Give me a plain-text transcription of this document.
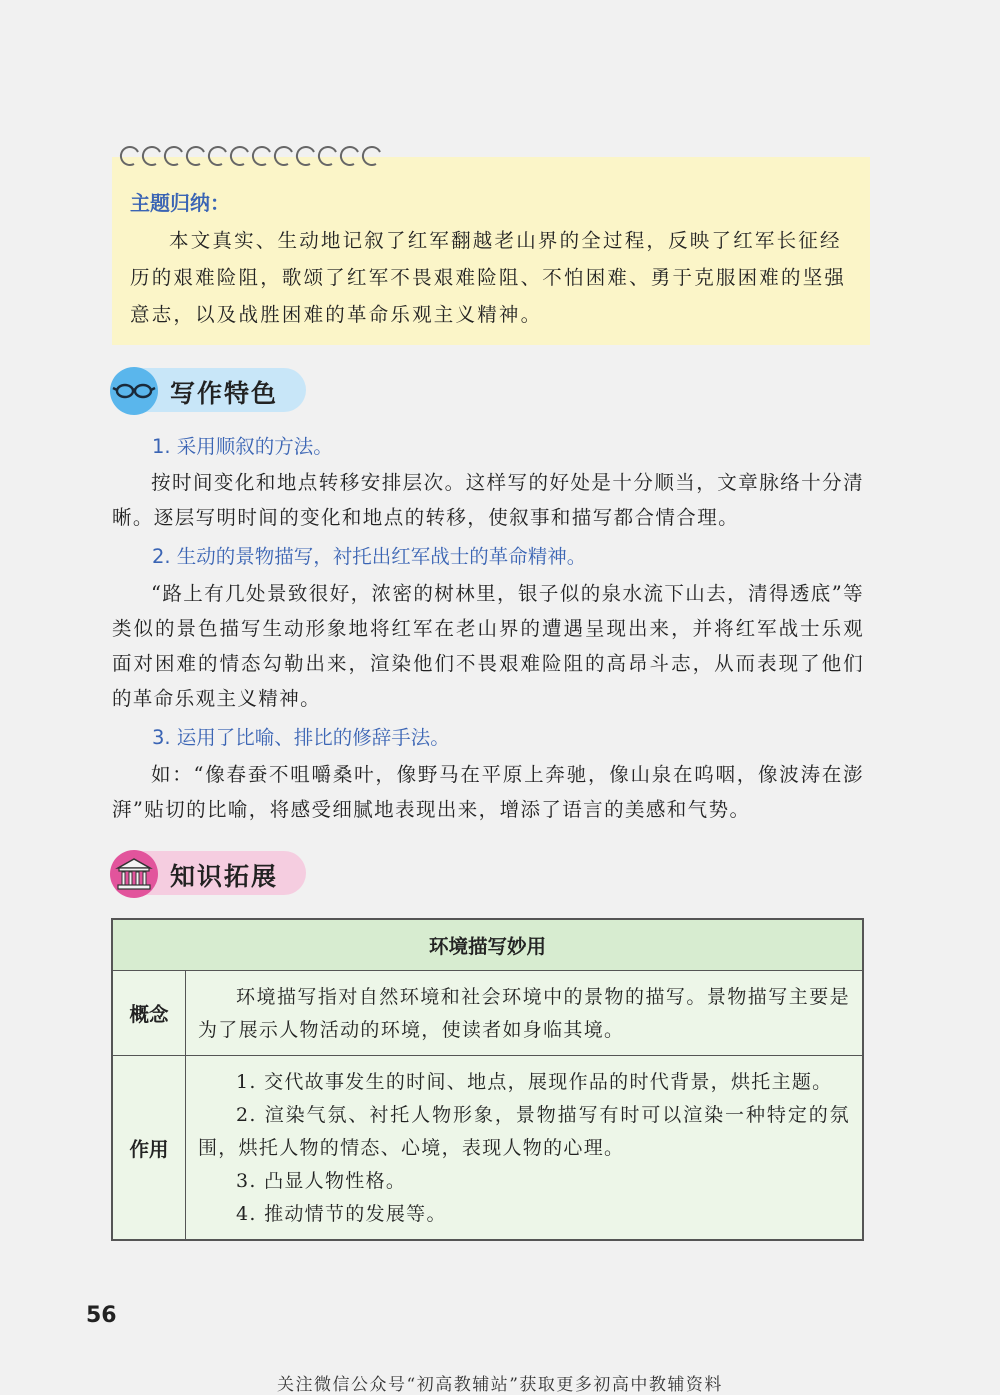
主题归纳：

本文真实、生动地记叙了红军翻越老山界的全过程，反映了红军长征经历的艰难险阻，歌颂了红军不畏艰难险阻、不怕困难、勇于克服困难的坚强意志，以及战胜困难的革命乐观主义精神。

写作特色

1. 采用顺叙的方法。

按时间变化和地点转移安排层次。这样写的好处是十分顺当，文章脉络十分清晰。逐层写明时间的变化和地点的转移，使叙事和描写都合情合理。

2. 生动的景物描写，衬托出红军战士的革命精神。

“路上有几处景致很好，浓密的树林里，银子似的泉水流下山去，清得透底”等类似的景色描写生动形象地将红军在老山界的遭遇呈现出来，并将红军战士乐观面对困难的情态勾勒出来，渲染他们不畏艰难险阻的高昂斗志，从而表现了他们的革命乐观主义精神。

3. 运用了比喻、排比的修辞手法。

如：“像春蚕不咀嚼桑叶，像野马在平原上奔驰，像山泉在呜咽，像波涛在澎湃”贴切的比喻，将感受细腻地表现出来，增添了语言的美感和气势。

知识拓展
环境描写妙用	
概念	环境描写指对自然环境和社会环境中的景物的描写。景物描写主要是为了展示人物活动的环境，使读者如身临其境。

作用	1. 交代故事发生的时间、地点，展现作品的时代背景，烘托主题。

2. 渲染气氛、衬托人物形象，景物描写有时可以渲染一种特定的氛围，烘托人物的情态、心境，表现人物的心理。

3. 凸显人物性格。

4. 推动情节的发展等。

56
关注微信公众号“初高教辅站”获取更多初高中教辅资料
